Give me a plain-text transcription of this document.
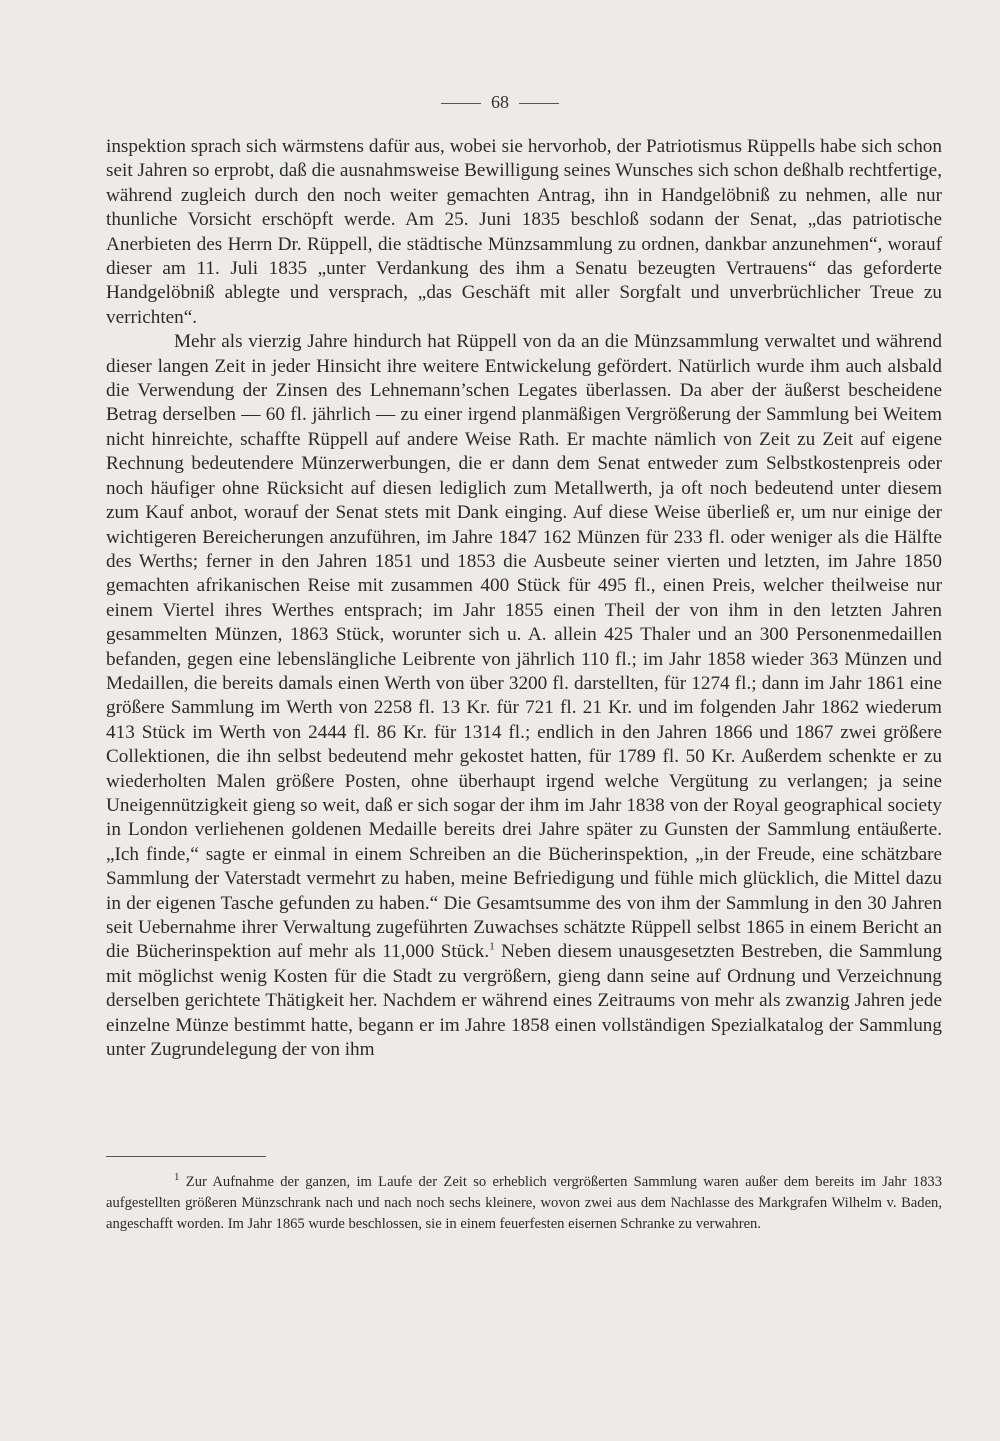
68

inspektion sprach sich wärmstens dafür aus, wobei sie hervorhob, der Patriotismus Rüppells habe sich schon seit Jahren so erprobt, daß die ausnahmsweise Bewilligung seines Wunsches sich schon deßhalb rechtfertige, während zugleich durch den noch weiter gemachten Antrag, ihn in Handgelöbniß zu nehmen, alle nur thunliche Vorsicht erschöpft werde. Am 25. Juni 1835 beschloß sodann der Senat, „das patriotische Anerbieten des Herrn Dr. Rüppell, die städtische Münzsammlung zu ordnen, dankbar anzunehmen“, worauf dieser am 11. Juli 1835 „unter Verdankung des ihm a Senatu bezeugten Vertrauens“ das geforderte Handgelöbniß ablegte und versprach, „das Geschäft mit aller Sorgfalt und unverbrüchlicher Treue zu verrichten“.

Mehr als vierzig Jahre hindurch hat Rüppell von da an die Münzsammlung verwaltet und während dieser langen Zeit in jeder Hinsicht ihre weitere Entwickelung gefördert. Natürlich wurde ihm auch alsbald die Verwendung der Zinsen des Lehnemann’schen Legates überlassen. Da aber der äußerst bescheidene Betrag derselben — 60 fl. jährlich — zu einer irgend planmäßigen Vergrößerung der Sammlung bei Weitem nicht hinreichte, schaffte Rüppell auf andere Weise Rath. Er machte nämlich von Zeit zu Zeit auf eigene Rechnung bedeutendere Münzerwerbungen, die er dann dem Senat entweder zum Selbstkostenpreis oder noch häufiger ohne Rücksicht auf diesen lediglich zum Metallwerth, ja oft noch bedeutend unter diesem zum Kauf anbot, worauf der Senat stets mit Dank einging. Auf diese Weise überließ er, um nur einige der wichtigeren Bereicherungen anzuführen, im Jahre 1847 162 Münzen für 233 fl. oder weniger als die Hälfte des Werths; ferner in den Jahren 1851 und 1853 die Ausbeute seiner vierten und letzten, im Jahre 1850 gemachten afrikanischen Reise mit zusammen 400 Stück für 495 fl., einen Preis, welcher theilweise nur einem Viertel ihres Werthes entsprach; im Jahr 1855 einen Theil der von ihm in den letzten Jahren gesammelten Münzen, 1863 Stück, worunter sich u. A. allein 425 Thaler und an 300 Personenmedaillen befanden, gegen eine lebenslängliche Leibrente von jährlich 110 fl.; im Jahr 1858 wieder 363 Münzen und Medaillen, die bereits damals einen Werth von über 3200 fl. darstellten, für 1274 fl.; dann im Jahr 1861 eine größere Sammlung im Werth von 2258 fl. 13 Kr. für 721 fl. 21 Kr. und im folgenden Jahr 1862 wiederum 413 Stück im Werth von 2444 fl. 86 Kr. für 1314 fl.; endlich in den Jahren 1866 und 1867 zwei größere Collektionen, die ihn selbst bedeutend mehr gekostet hatten, für 1789 fl. 50 Kr. Außerdem schenkte er zu wiederholten Malen größere Posten, ohne überhaupt irgend welche Vergütung zu verlangen; ja seine Uneigennützigkeit gieng so weit, daß er sich sogar der ihm im Jahr 1838 von der Royal geographical society in London verliehenen goldenen Medaille bereits drei Jahre später zu Gunsten der Sammlung entäußerte. „Ich finde,“ sagte er einmal in einem Schreiben an die Bücherinspektion, „in der Freude, eine schätzbare Sammlung der Vaterstadt vermehrt zu haben, meine Befriedigung und fühle mich glücklich, die Mittel dazu in der eigenen Tasche gefunden zu haben.“ Die Gesamtsumme des von ihm der Sammlung in den 30 Jahren seit Uebernahme ihrer Verwaltung zugeführten Zuwachses schätzte Rüppell selbst 1865 in einem Bericht an die Bücherinspektion auf mehr als 11,000 Stück.$^1$ Neben diesem unausgesetzten Bestreben, die Sammlung mit möglichst wenig Kosten für die Stadt zu vergrößern, gieng dann seine auf Ordnung und Verzeichnung derselben gerichtete Thätigkeit her. Nachdem er während eines Zeitraums von mehr als zwanzig Jahren jede einzelne Münze bestimmt hatte, begann er im Jahre 1858 einen vollständigen Spezialkatalog der Sammlung unter Zugrundelegung der von ihm

$^1$ Zur Aufnahme der ganzen, im Laufe der Zeit so erheblich vergrößerten Sammlung waren außer dem bereits im Jahr 1833 aufgestellten größeren Münzschrank nach und nach noch sechs kleinere, wovon zwei aus dem Nachlasse des Markgrafen Wilhelm v. Baden, angeschafft worden. Im Jahr 1865 wurde beschlossen, sie in einem feuerfesten eisernen Schranke zu verwahren.
